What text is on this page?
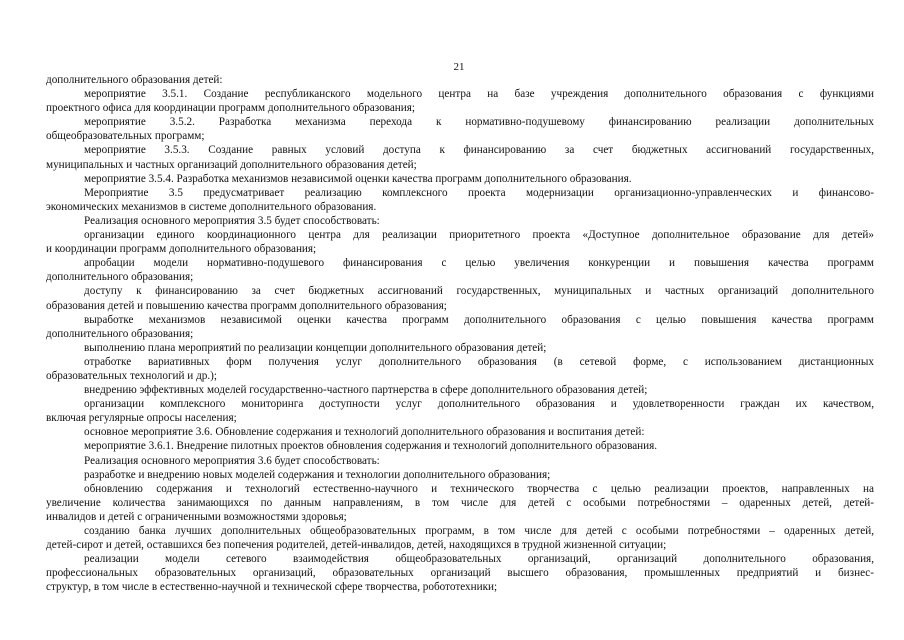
21
дополнительного образования детей:
мероприятие 3.5.1. Создание республиканского модельного центра на базе учреждения дополнительного образования с функциями
проектного офиса для координации программ дополнительного образования;
мероприятие 3.5.2. Разработка механизма перехода к нормативно-подушевому финансированию реализации дополнительных
общеобразовательных программ;
мероприятие 3.5.3. Создание равных условий доступа к финансированию за счет бюджетных ассигнований государственных,
муниципальных и частных организаций дополнительного образования детей;
мероприятие 3.5.4. Разработка механизмов независимой оценки качества программ дополнительного образования.
Мероприятие 3.5 предусматривает реализацию комплексного проекта модернизации организационно-управленческих и финансово-
экономических механизмов в системе дополнительного образования.
Реализация основного мероприятия 3.5 будет способствовать:
организации единого координационного центра для реализации приоритетного проекта «Доступное дополнительное образование для детей»
и координации программ дополнительного образования;
апробации модели нормативно-подушевого финансирования с целью увеличения конкуренции и повышения качества программ
дополнительного образования;
доступу к финансированию за счет бюджетных ассигнований государственных, муниципальных и частных организаций дополнительного
образования детей и повышению качества программ дополнительного образования;
выработке механизмов независимой оценки качества программ дополнительного образования с целью повышения качества программ
дополнительного образования;
выполнению плана мероприятий по реализации концепции дополнительного образования детей;
отработке вариативных форм получения услуг дополнительного образования (в сетевой форме, с использованием дистанционных
образовательных технологий и др.);
внедрению эффективных моделей государственно-частного партнерства в сфере дополнительного образования детей;
организации комплексного мониторинга доступности услуг дополнительного образования и удовлетворенности граждан их качеством,
включая регулярные опросы населения;
основное мероприятие 3.6. Обновление содержания и технологий дополнительного образования и воспитания детей:
мероприятие 3.6.1. Внедрение пилотных проектов обновления содержания и технологий дополнительного образования.
Реализация основного мероприятия 3.6 будет способствовать:
разработке и внедрению новых моделей содержания и технологии дополнительного образования;
обновлению содержания и технологий естественно-научного и технического творчества с целью реализации проектов, направленных на
увеличение количества занимающихся по данным направлениям, в том числе для детей с особыми потребностями – одаренных детей, детей-
инвалидов и детей с ограниченными возможностями здоровья;
созданию банка лучших дополнительных общеобразовательных программ, в том числе для детей с особыми потребностями – одаренных детей,
детей-сирот и детей, оставшихся без попечения родителей, детей-инвалидов, детей, находящихся в трудной жизненной ситуации;
реализации модели сетевого взаимодействия общеобразовательных организаций, организаций дополнительного образования,
профессиональных образовательных организаций, образовательных организаций высшего образования, промышленных предприятий и бизнес-
структур, в том числе в естественно-научной и технической сфере творчества, робототехники;
